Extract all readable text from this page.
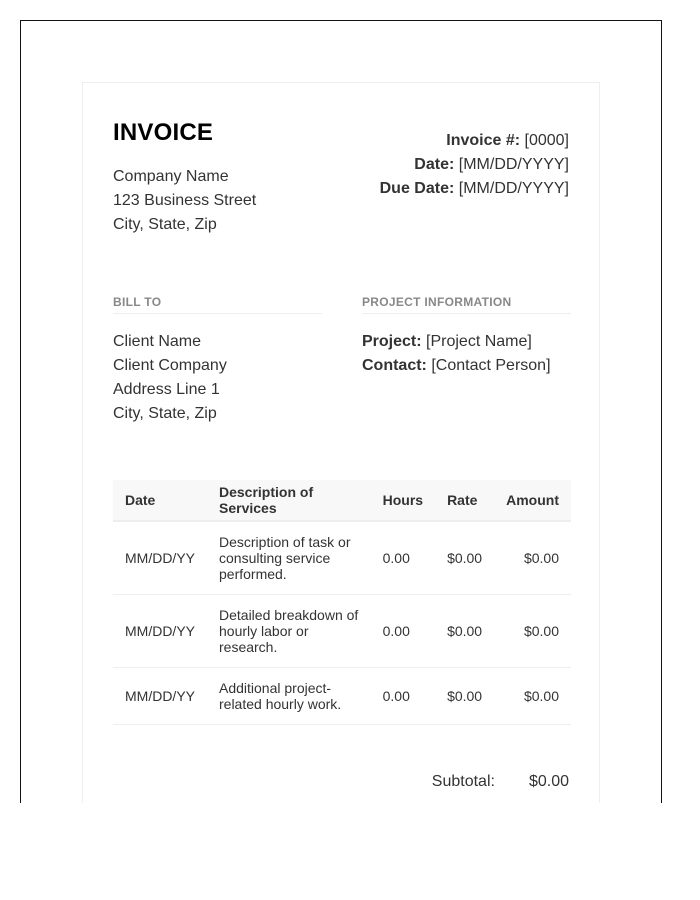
INVOICE
Company Name
123 Business Street
City, State, Zip
Invoice #: [0000]
Date: [MM/DD/YYYY]
Due Date: [MM/DD/YYYY]
BILL TO
Client Name
Client Company
Address Line 1
City, State, Zip
PROJECT INFORMATION
Project: [Project Name]
Contact: [Contact Person]
Date	Description of Services	Hours	Rate	Amount
MM/DD/YY	Description of task or consulting service performed.	0.00	$0.00	$0.00
MM/DD/YY	Detailed breakdown of hourly labor or research.	0.00	$0.00	$0.00
MM/DD/YY	Additional project-related hourly work.	0.00	$0.00	$0.00
Subtotal: $0.00
